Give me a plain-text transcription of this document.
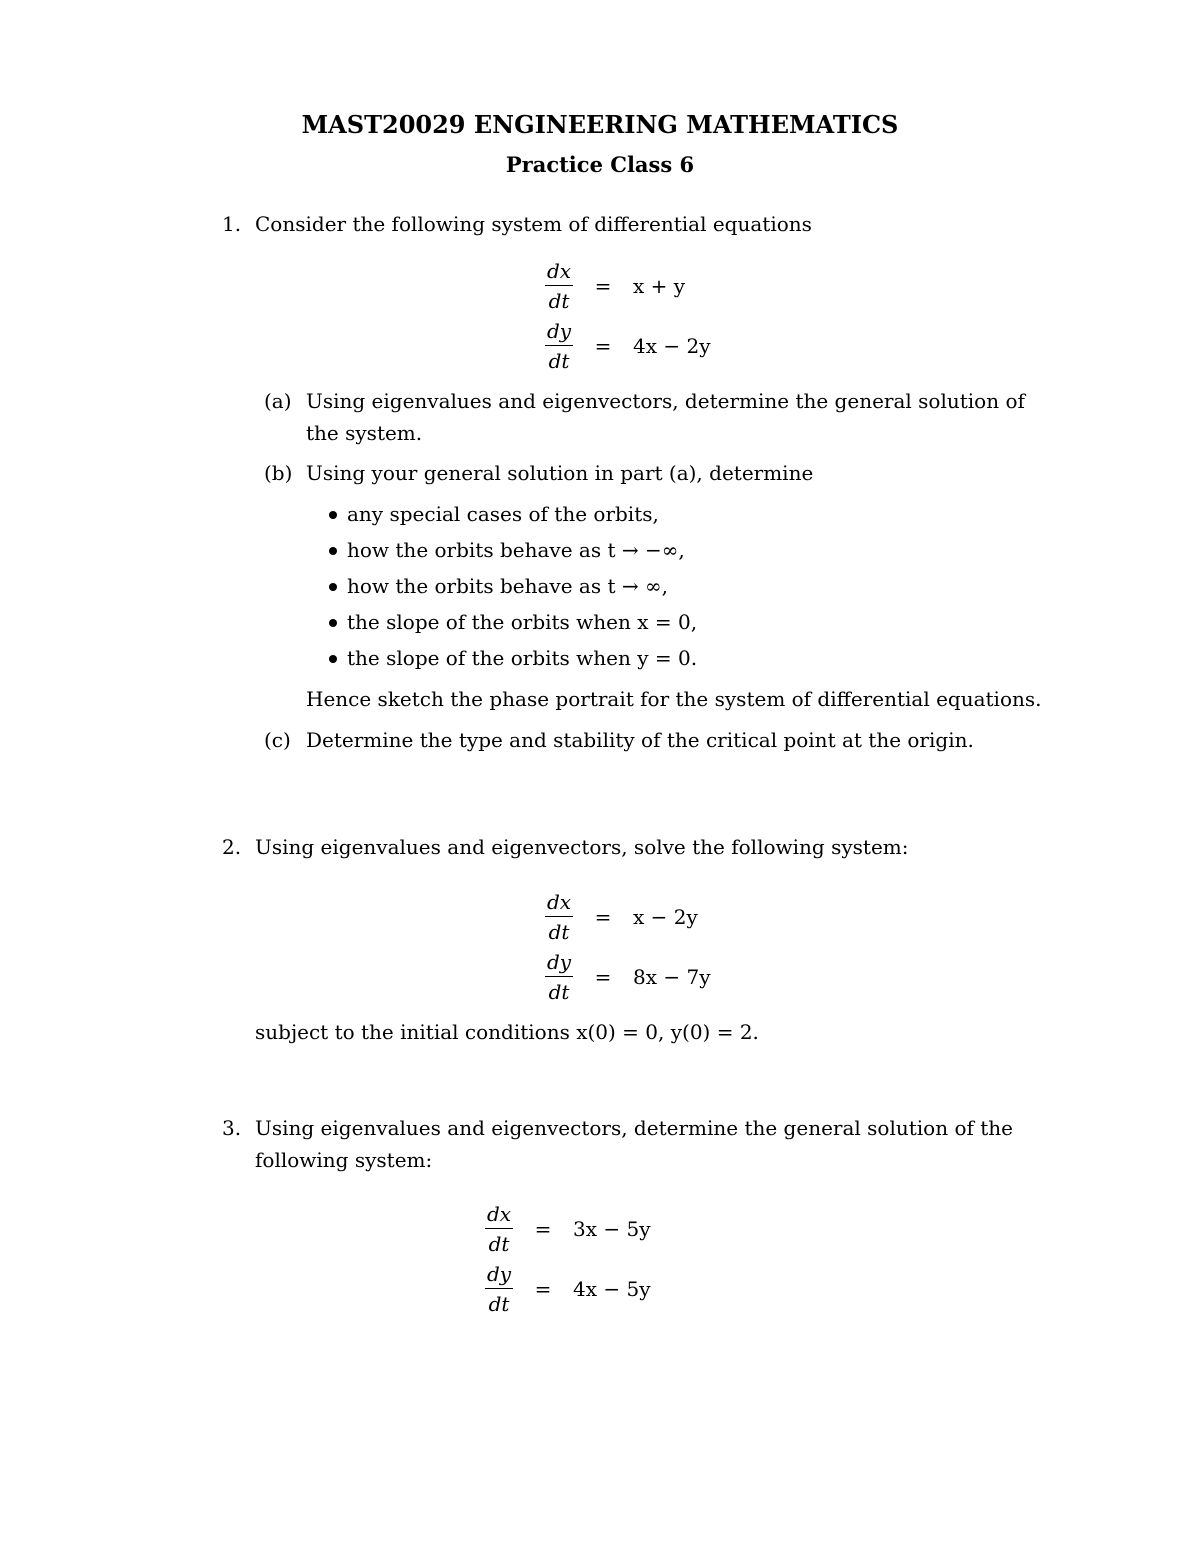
MAST20029 ENGINEERING MATHEMATICS
Practice Class 6
1. Consider the following system of differential equations
$\frac{dx}{dt}$	=	x + y
$\frac{dy}{dt}$	=	4x − 2y
(a) Using eigenvalues and eigenvectors, determine the general solution of
the system.
(b) Using your general solution in part (a), determine
any special cases of the orbits,
how the orbits behave as t → −∞,
how the orbits behave as t → ∞,
the slope of the orbits when x = 0,
the slope of the orbits when y = 0.
Hence sketch the phase portrait for the system of differential equations.
(c) Determine the type and stability of the critical point at the origin.
2. Using eigenvalues and eigenvectors, solve the following system:
$\frac{dx}{dt}$	=	x − 2y
$\frac{dy}{dt}$	=	8x − 7y
subject to the initial conditions x(0) = 0, y(0) = 2.
3. Using eigenvalues and eigenvectors, determine the general solution of the
following system:
$\frac{dx}{dt}$	=	3x − 5y
$\frac{dy}{dt}$	=	4x − 5y
